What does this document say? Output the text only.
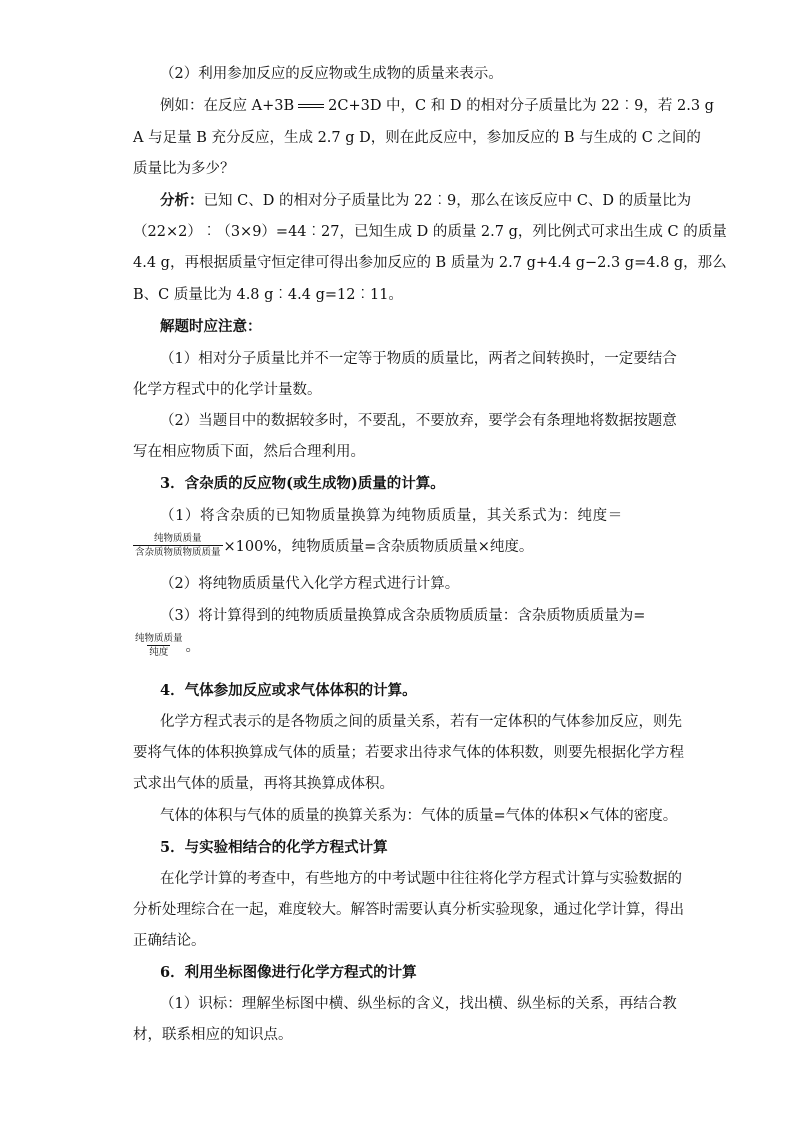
（2）利用参加反应的反应物或生成物的质量来表示。
例如：在反应 A+3B 2C+3D 中，C 和 D 的相对分子质量比为 22︰9，若 2.3 g
A 与足量 B 充分反应，生成 2.7 g D，则在此反应中，参加反应的 B 与生成的 C 之间的
质量比为多少？
分析：已知 C、D 的相对分子质量比为 22︰9，那么在该反应中 C、D 的质量比为
（22×2）︰（3×9）=44︰27，已知生成 D 的质量 2.7 g，列比例式可求出生成 C 的质量
4.4 g，再根据质量守恒定律可得出参加反应的 B 质量为 2.7 g+4.4 g−2.3 g=4.8 g，那么
B、C 质量比为 4.8 g︰4.4 g=12︰11。
解题时应注意：
（1）相对分子质量比并不一定等于物质的质量比，两者之间转换时，一定要结合
化学方程式中的化学计量数。
（2）当题目中的数据较多时，不要乱，不要放弃，要学会有条理地将数据按题意
写在相应物质下面，然后合理利用。
3．含杂质的反应物(或生成物)质量的计算。
（1）将含杂质的已知物质量换算为纯物质质量，其关系式为：纯度＝
$\frac{\text{纯物质质量}}{\text{含杂质物质物质质量}} \times 100\%$，纯物质质量=含杂质物质质量×纯度。
（2）将纯物质质量代入化学方程式进行计算。
（3）将计算得到的纯物质质量换算成含杂质物质质量：含杂质物质质量为=
$\frac{\text{纯物质质量}}{\text{纯度}}$ 。
4．气体参加反应或求气体体积的计算。
化学方程式表示的是各物质之间的质量关系，若有一定体积的气体参加反应，则先
要将气体的体积换算成气体的质量；若要求出待求气体的体积数，则要先根据化学方程
式求出气体的质量，再将其换算成体积。
气体的体积与气体的质量的换算关系为：气体的质量=气体的体积×气体的密度。
5．与实验相结合的化学方程式计算
在化学计算的考查中，有些地方的中考试题中往往将化学方程式计算与实验数据的
分析处理综合在一起，难度较大。解答时需要认真分析实验现象，通过化学计算，得出
正确结论。
6．利用坐标图像进行化学方程式的计算
（1）识标：理解坐标图中横、纵坐标的含义，找出横、纵坐标的关系，再结合教
材，联系相应的知识点。
